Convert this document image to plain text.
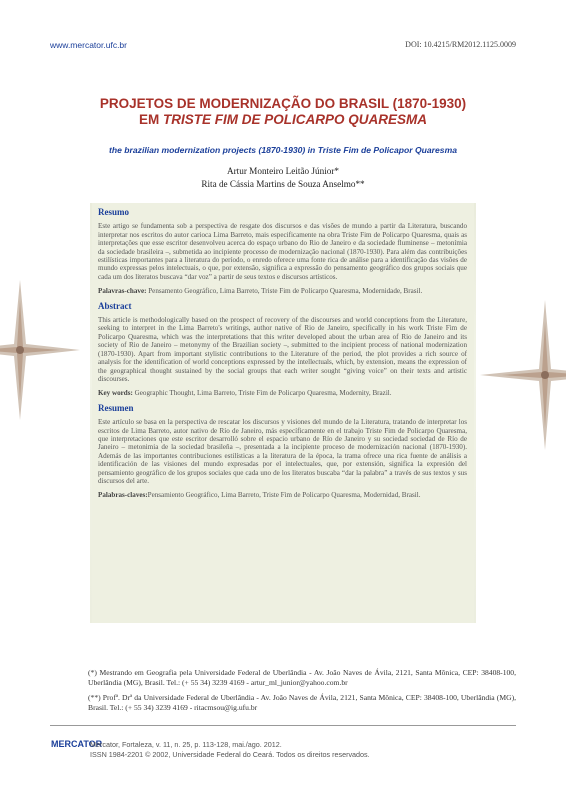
www.mercator.ufc.br	DOI: 10.4215/RM2012.1125.0009
PROJETOS DE MODERNIZAÇÃO DO BRASIL (1870-1930)
EM TRISTE FIM DE POLICARPO QUARESMA
the brazilian modernization projects (1870-1930) in Triste Fim de Policapor Quaresma
Artur Monteiro Leitão Júnior*
Rita de Cássia Martins de Souza Anselmo**
Resumo

Este artigo se fundamenta sob a perspectiva de resgate dos discursos e das visões de mundo a partir da Literatura, buscando interpretar nos escritos do autor carioca Lima Barreto, mais especificamente na obra Triste Fim de Policarpo Quaresma, quais as interpretações que esse escritor desenvolveu acerca do espaço urbano do Rio de Janeiro e da sociedade fluminense – metonímia da sociedade brasileira –, submetida ao incipiente processo de modernização nacional (1870-1930). Para além das contribuições estilísticas importantes para a literatura do período, o enredo oferece uma fonte rica de análise para a identificação das visões de mundo expressas pelos intelectuais, o que, por extensão, significa a expressão do pensamento geográfico dos grupos sociais que cada um dos literatos buscava “dar voz” a partir de seus textos e discursos artísticos.

Palavras-chave: Pensamento Geográfico, Lima Barreto, Triste Fim de Policarpo Quaresma, Modernidade, Brasil.

Abstract

This article is methodologically based on the prospect of recovery of the discourses and world conceptions from the Literature, seeking to interpret in the Lima Barreto's writings, author native of Rio de Janeiro, specifically in his work Triste Fim de Policarpo Quaresma, which was the interpretations that this writer developed about the urban area of Rio de Janeiro and its society of Rio de Janeiro – metonymy of the Brazilian society –, submitted to the incipient process of national modernization (1870-1930). Apart from important stylistic contributions to the Literature of the period, the plot provides a rich source of analysis for the identification of world conceptions expressed by the intellectuals, which, by extension, means the expression of the geographical thought sustained by the social groups that each writer sought “giving voice” on their texts and artistic discourses.

Key words: Geographic Thought, Lima Barreto, Triste Fim de Policarpo Quaresma, Modernity, Brazil.

Resumen

Este artículo se basa en la perspectiva de rescatar los discursos y visiones del mundo de la Literatura, tratando de interpretar los escritos de Lima Barreto, autor nativo de Río de Janeiro, más específicamente en el trabajo Triste Fim de Policarpo Quaresma, que interpretaciones que este escritor desarrolló sobre el espacio urbano de Río de Janeiro y su sociedad sociedad de Río de Janeiro – metonimia de la sociedad brasileña –, presentada a la incipiente proceso de modernización nacional (1870-1930). Además de las importantes contribuciones estilísticas a la literatura de la época, la trama ofrece una rica fuente de análisis a identificación de las visiones del mundo expresadas por el intelectuales, que, por extensión, significa la expresión del pensamiento geográfico de los grupos sociales que cada uno de los literatos buscaba “dar la palabra” a través de sus textos y sus discursos del arte.

Palabras-claves:Pensamiento Geográfico, Lima Barreto, Triste Fim de Policarpo Quaresma, Modernidad, Brasil.

(*) Mestrando em Geografia pela Universidade Federal de Uberlândia - Av. João Naves de Ávila, 2121, Santa Mônica, CEP: 38408-100, Uberlândia (MG), Brasil. Tel.: (+ 55 34) 3239 4169 - artur_ml_junior@yahoo.com.br

(**) Profª. Drª da Universidade Federal de Uberlândia - Av. João Naves de Ávila, 2121, Santa Mônica, CEP: 38408-100, Uberlândia (MG), Brasil. Tel.: (+ 55 34) 3239 4169 - ritacmsou@ig.ufu.br

MERCATOR
Mercator, Fortaleza, v. 11, n. 25, p. 113-128, mai./ago. 2012.
ISSN 1984-2201 © 2002, Universidade Federal do Ceará. Todos os direitos reservados.
